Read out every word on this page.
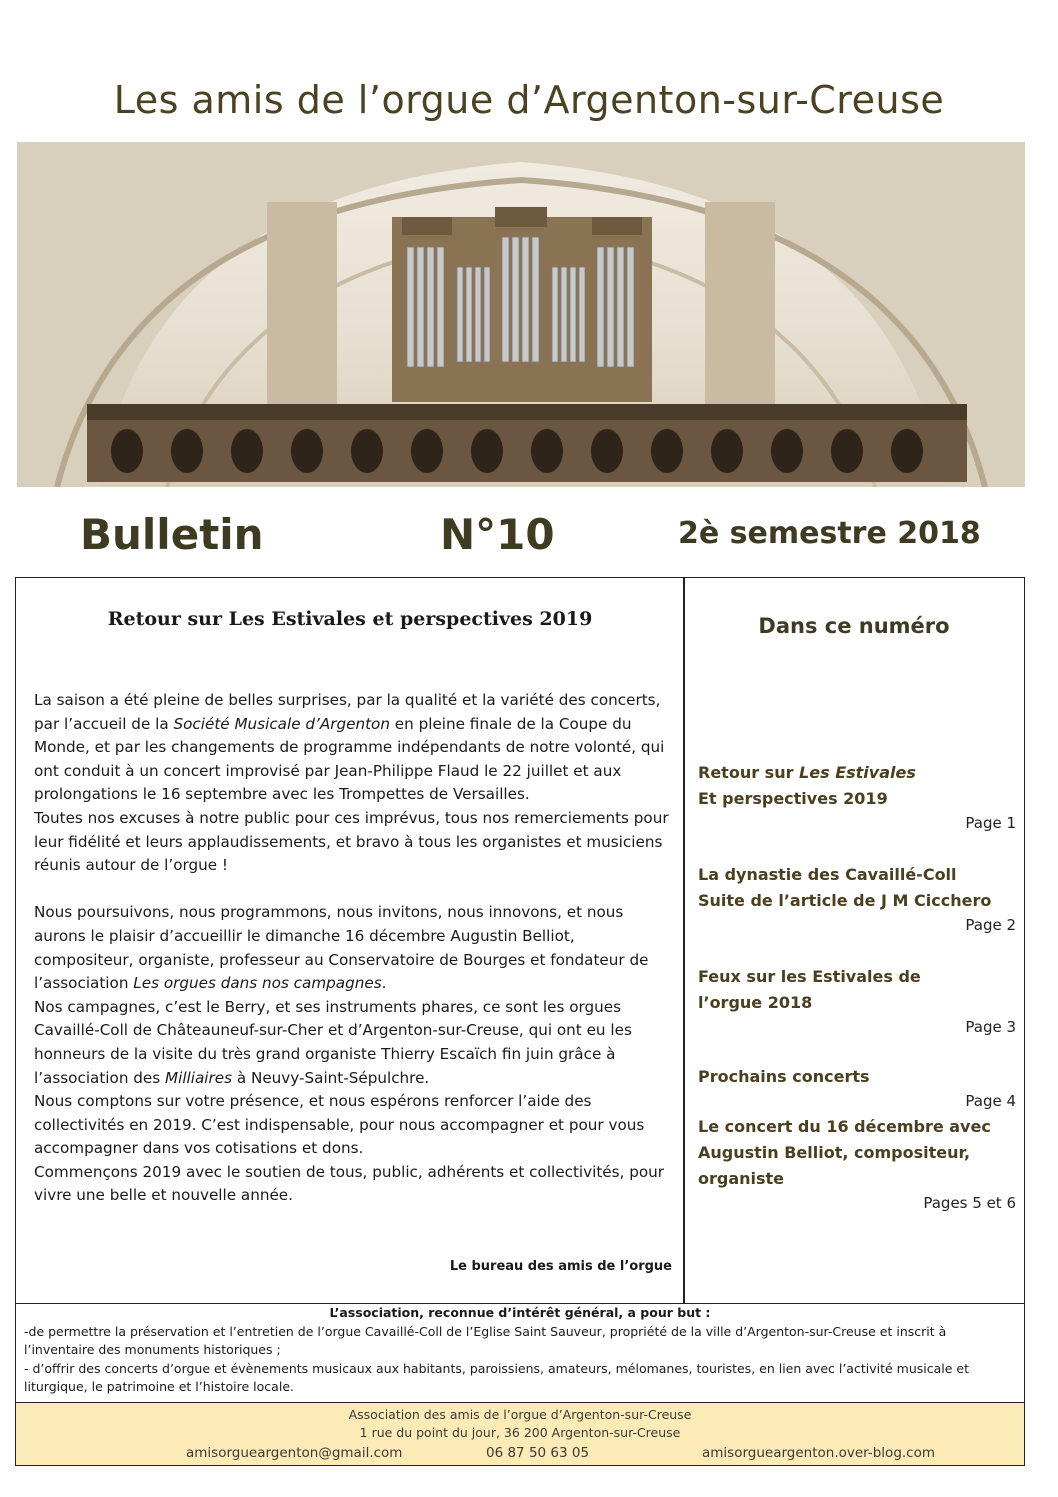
Les amis de l’orgue d’Argenton-sur-Creuse
Bulletin	N°10	2è semestre 2018
Retour sur Les Estivales et perspectives 2019

La saison a été pleine de belles surprises, par la qualité et la variété des concerts, par l’accueil de la Société Musicale d’Argenton en pleine finale de la Coupe du Monde, et par les changements de programme indépendants de notre volonté, qui ont conduit à un concert improvisé par Jean-Philippe Flaud le 22 juillet et aux prolongations le 16 septembre avec les Trompettes de Versailles.

Toutes nos excuses à notre public pour ces imprévus, tous nos remerciements pour leur fidélité et leurs applaudissements, et bravo à tous les organistes et musiciens réunis autour de l’orgue !

Nous poursuivons, nous programmons, nous invitons, nous innovons, et nous aurons le plaisir d’accueillir le dimanche 16 décembre Augustin Belliot, compositeur, organiste, professeur au Conservatoire de Bourges et fondateur de l’association Les orgues dans nos campagnes.

Nos campagnes, c’est le Berry, et ses instruments phares, ce sont les orgues Cavaillé-Coll de Châteauneuf-sur-Cher et d’Argenton-sur-Creuse, qui ont eu les honneurs de la visite du très grand organiste Thierry Escaïch fin juin grâce à l’association des Milliaires à Neuvy-Saint-Sépulchre.

Nous comptons sur votre présence, et nous espérons renforcer l’aide des collectivités en 2019. C’est indispensable, pour nous accompagner et pour vous accompagner dans vos cotisations et dons.

Commençons 2019 avec le soutien de tous, public, adhérents et collectivités, pour vivre une belle et nouvelle année.

Le bureau des amis de l’orgue
Dans ce numéro
Retour sur Les Estivales
Et perspectives 2019
Page 1
La dynastie des Cavaillé-Coll
Suite de l’article de J M Cicchero
Page 2
Feux sur les Estivales de
l’orgue 2018
Page 3
Prochains concerts
Page 4
Le concert du 16 décembre avec
Augustin Belliot, compositeur,
organiste
Pages 5 et 6
L’association, reconnue d’intérêt général, a pour but :
-de permettre la préservation et l’entretien de l’orgue Cavaillé-Coll de l’Eglise Saint Sauveur, propriété de la ville d’Argenton-sur-Creuse et inscrit à l’inventaire des monuments historiques ;
- d’offrir des concerts d’orgue et évènements musicaux aux habitants, paroissiens, amateurs, mélomanes, touristes, en lien avec l’activité musicale et liturgique, le patrimoine et l’histoire locale.
Association des amis de l’orgue d’Argenton-sur-Creuse
1 rue du point du jour, 36 200 Argenton-sur-Creuse
amisorgueargenton@gmail.com	06 87 50 63 05	amisorgueargenton.over-blog.com
